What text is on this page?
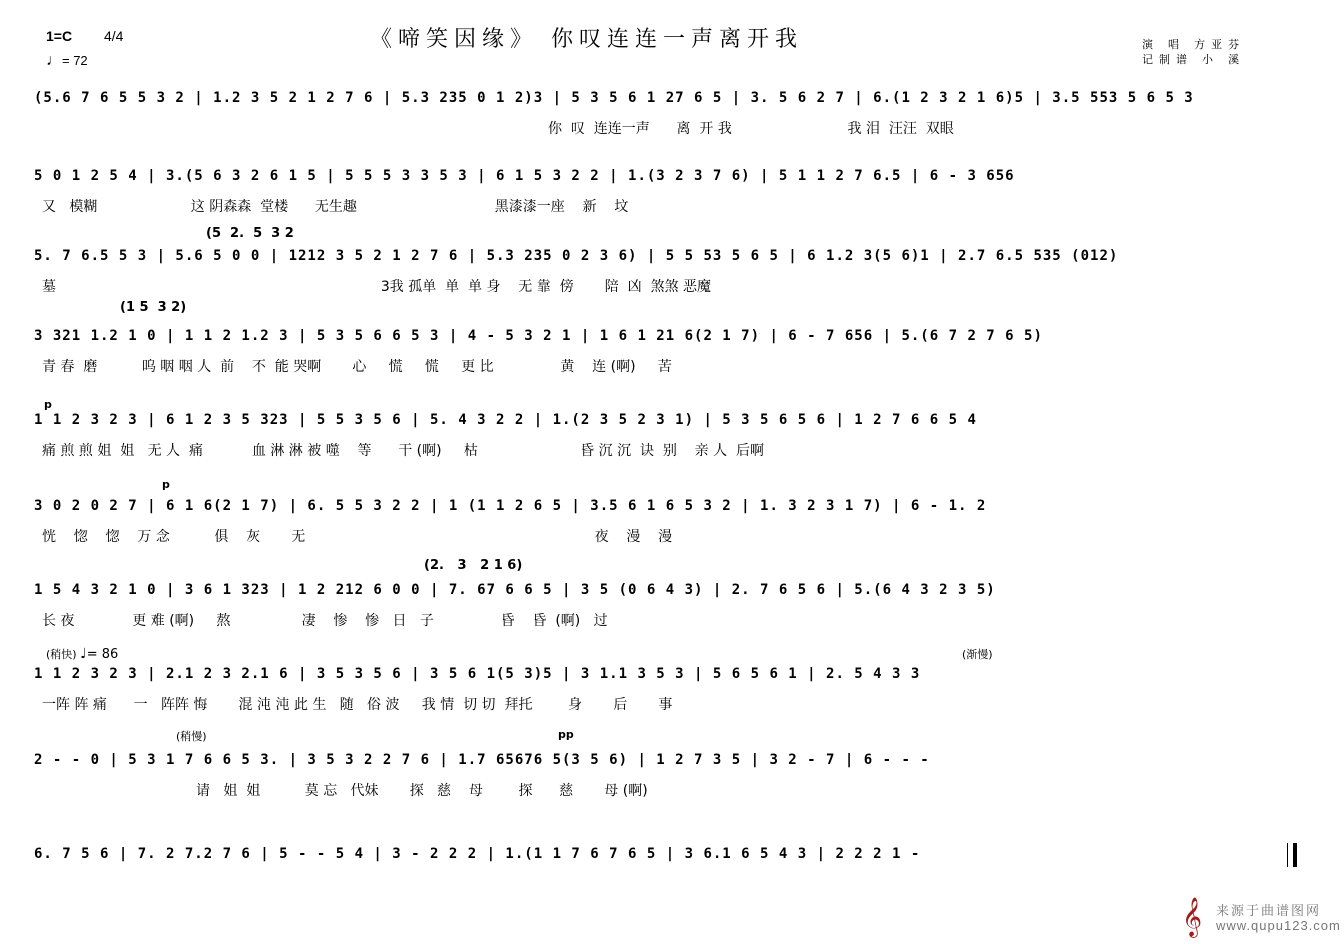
1=C 4/4
♩= 72
《啼笑因缘》 你叹连连一声离开我	演 唱 方亚芬
记制谱 小 溪
(5  2.  5  3 2
(1 5  3 2)
(2.   3   2 1 6)
(稍快) ♩= 86	(渐慢)
(稍慢)	pp
p
p
(5.6 7 6 5 5 3 2 | 1.2 3 5 2 1 2 7 6 | 5.3 235 0 1 2)3 | 5 3 5 6 1 27 6 5 | 3. 5 6 2 7 | 6.(1 2 3 2 1 6)5 | 3.5 553 5 6 5 3
你  叹  连连一声      离  开 我                          我 泪  汪汪  双眼
5 0 1 2 5 4 | 3.(5 6 3 2 6 1 5 | 5 5 5 3 3 5 3 | 6 1 5 3 2 2 | 1.(3 2 3 7 6) | 5 1 1 2 7 6.5 | 6 - 3 656
又   模糊                     这 阴森森  堂楼      无生趣                               黑漆漆一座    新    坟
5. 7 6.5 5 3 | 5.6 5 0 0 | 1212 3 5 2 1 2 7 6 | 5.3 235 0 2 3 6) | 5 5 53 5 6 5 | 6 1.2 3(5 6)1 | 2.7 6.5 535 (012)
墓                                                                         3我 孤单  单  单 身    无 靠  傍       陪  凶  煞煞 恶魔
3 321 1.2 1 0 | 1 1 2 1.2 3 | 5 3 5 6 6 5 3 | 4 - 5 3 2 1 | 1 6 1 21 6(2 1 7) | 6 - 7 656 | 5.(6 7 2 7 6 5)
青 春  磨          呜 咽 咽 人  前    不  能 哭啊       心     慌     慌     更 比               黄    连 (啊)     苦
1 1 2 3 2 3 | 6 1 2 3 5 323 | 5 5 3 5 6 | 5. 4 3 2 2 | 1.(2 3 5 2 3 1) | 5 3 5 6 5 6 | 1 2 7 6 6 5 4
痛 煎 煎 姐  姐   无 人  痛           血 淋 淋 被 噬    等      干 (啊)     枯                       昏 沉 沉  诀  别    亲 人  后啊
3 0 2 0 2 7 | 6 1 6(2 1 7) | 6. 5 5 3 2 2 | 1 (1 1 2 6 5 | 3.5 6 1 6 5 3 2 | 1. 3 2 3 1 7) | 6 - 1. 2
恍    惚    惚    万 念          俱    灰       无                                                                 夜    漫    漫
1 5 4 3 2 1 0 | 3 6 1 323 | 1 2 212 6 0 0 | 7. 67 6 6 5 | 3 5 (0 6 4 3) | 2. 7 6 5 6 | 5.(6 4 3 2 3 5)
长 夜             更 难 (啊)     熬                凄    惨    惨   日   子               昏    昏  (啊)   过
1 1 2 3 2 3 | 2.1 2 3 2.1 6 | 3 5 3 5 6 | 3 5 6 1(5 3)5 | 3 1.1 3 5 3 | 5 6 5 6 1 | 2. 5 4 3 3
一阵 阵 痛      一   阵阵 悔       混 沌 沌 此 生   随   俗 波     我 情  切 切  拜托        身       后       事
2 - - 0 | 5 3 1 7 6 6 5 3. | 3 5 3 2 2 7 6 | 1.7 65676 5(3 5 6) | 1 2 7 3 5 | 3 2 - 7 | 6 - - -
请   姐  姐          莫 忘   代妹       探   慈    母        探      慈       母 (啊)
6. 7 5 6 | 7. 2 7.2 7 6 | 5 - - 5 4 | 3 - 2 2 2 | 1.(1 1 7 6 7 6 5 | 3 6.1 6 5 4 3 | 2 2 2 1 -
𝄞 来源于曲谱图网
www.qupu123.com
